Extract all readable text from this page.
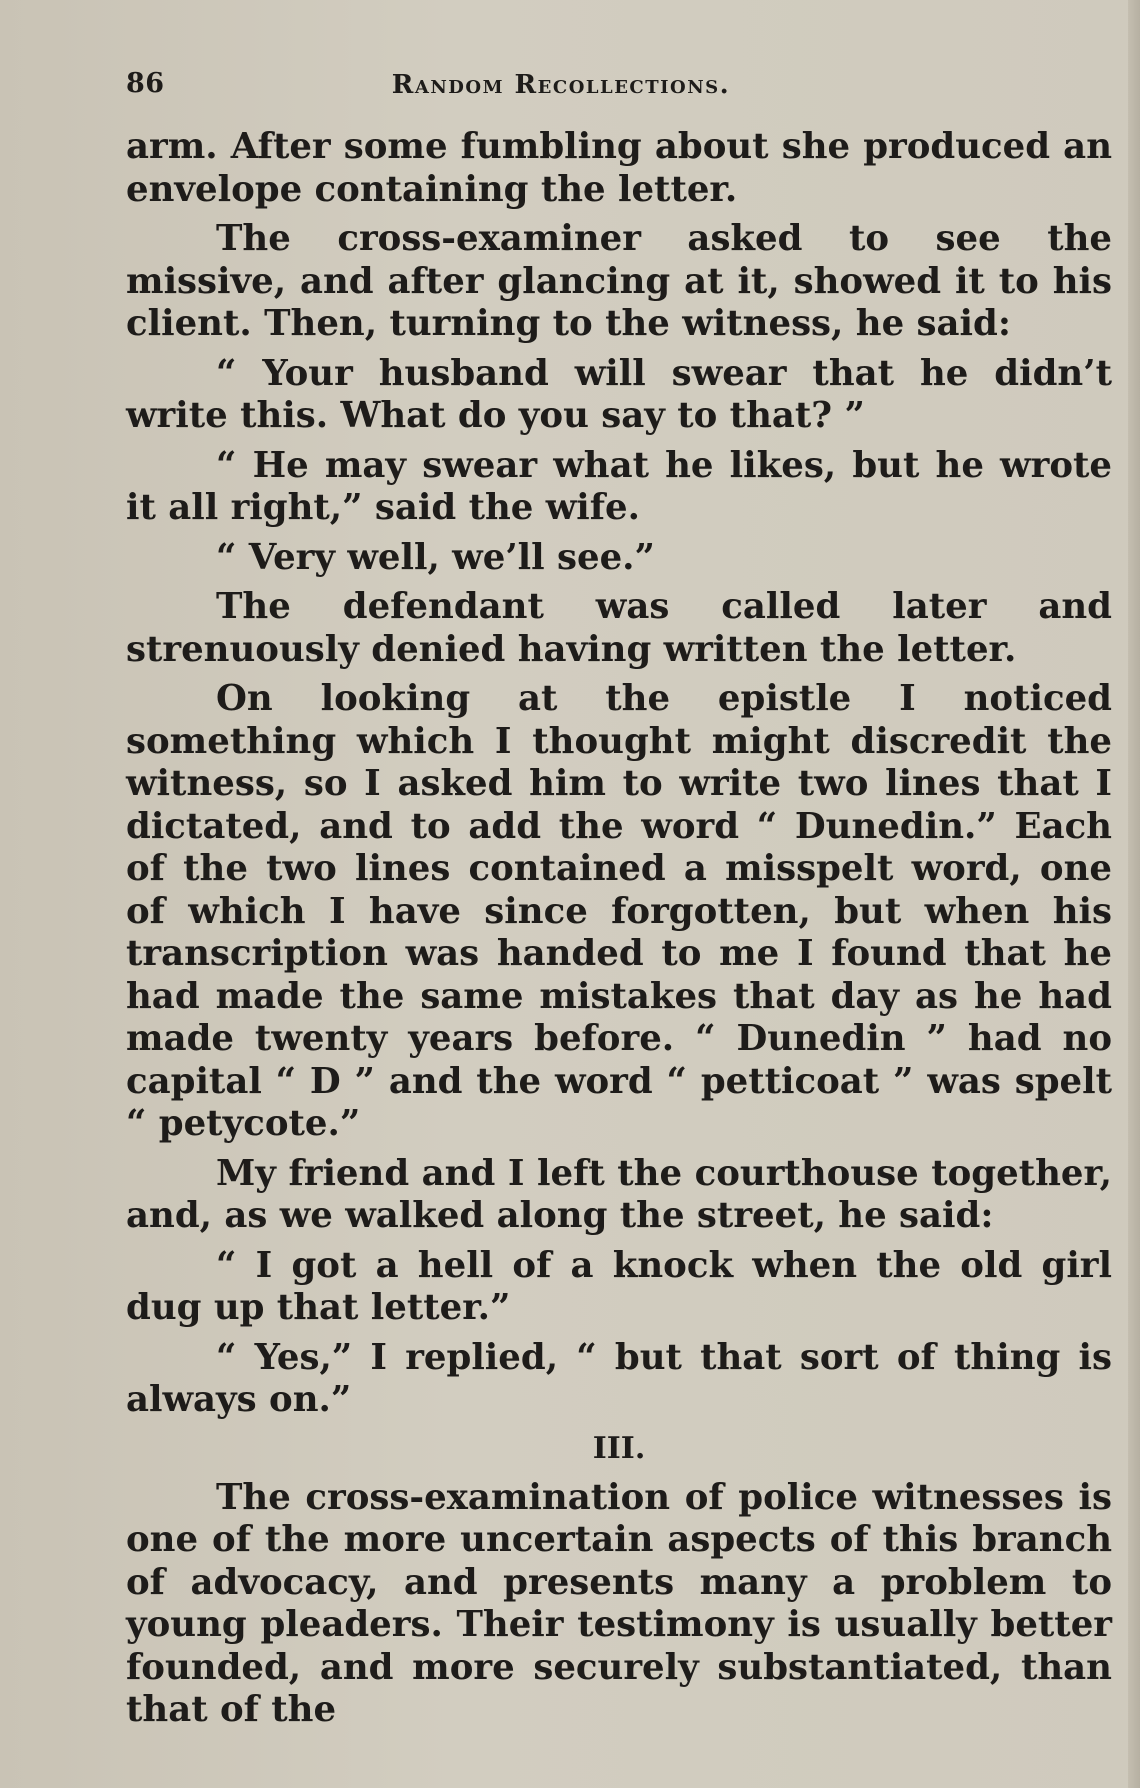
86	Random Recollections.

arm. After some fumbling about she produced an envelope containing the letter.

The cross-examiner asked to see the missive, and after glancing at it, showed it to his client. Then, turning to the witness, he said:

“ Your husband will swear that he didn’t write this. What do you say to that? ”

“ He may swear what he likes, but he wrote it all right,” said the wife.

“ Very well, we’ll see.”

The defendant was called later and strenuously denied having written the letter.

On looking at the epistle I noticed something which I thought might discredit the witness, so I asked him to write two lines that I dictated, and to add the word “ Dunedin.” Each of the two lines contained a misspelt word, one of which I have since forgotten, but when his transcription was handed to me I found that he had made the same mistakes that day as he had made twenty years before. “ Dunedin ” had no capital “ D ” and the word “ petticoat ” was spelt “ petycote.”

My friend and I left the courthouse together, and, as we walked along the street, he said:

“ I got a hell of a knock when the old girl dug up that letter.”

“ Yes,” I replied, “ but that sort of thing is always on.”

III.

The cross-examination of police witnesses is one of the more uncertain aspects of this branch of advocacy, and presents many a problem to young pleaders. Their testimony is usually better founded, and more securely substantiated, than that of the
